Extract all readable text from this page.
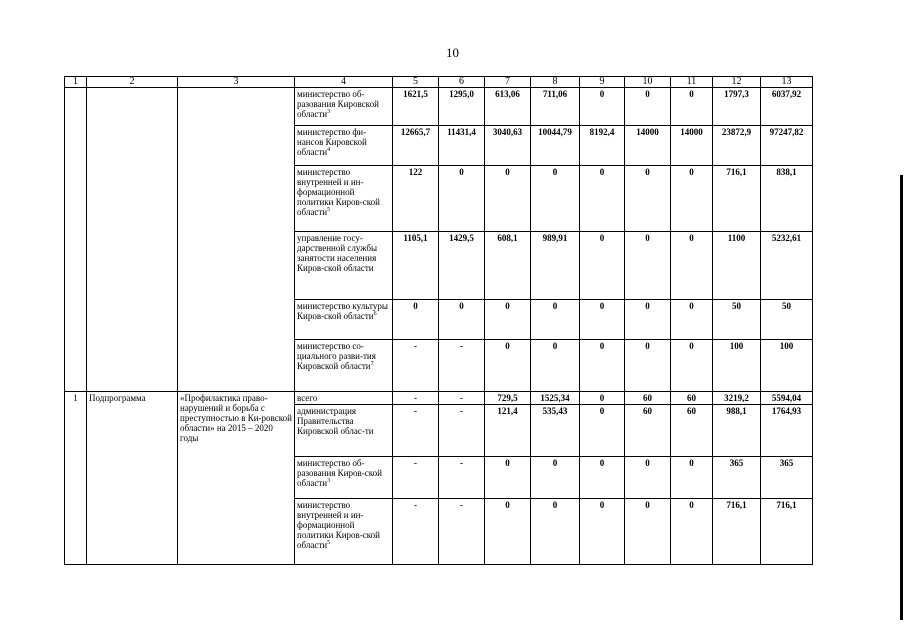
10
1	2	3	4	5	6	7	8	9	10	11	12	13
			министерство об-разования Кировской области$^3$	1621,5	1295,0	613,06	711,06	0	0	0	1797,3	6037,92
			министерство фи-нансов Кировской области$^4$	12665,7	11431,4	3040,63	10044,79	8192,4	14000	14000	23872,9	97247,82
			министерство внутренней и ин-формационной политики Киров-ской области$^5$	122	0	0	0	0	0	0	716,1	838,1
			управление госу-дарственной службы занятости населения Киров-ской области	1105,1	1429,5	608,1	989,91	0	0	0	1100	5232,61
			министерство культуры Киров-ской области$^6$	0	0	0	0	0	0	0	50	50
			министерство со-циального разви-тия Кировской области$^7$	-	-	0	0	0	0	0	100	100
1	Подпрограмма	«Профилактика право-нарушений и борьба с преступностью в Ки-ровской области» на 2015 – 2020 годы	всего	-	-	729,5	1525,34	0	60	60	3219,2	5594,04
			администрация Правительства Кировской облас-ти	-	-	121,4	535,43	0	60	60	988,1	1764,93
			министерство об-разования Киров-ской области$^3$	-	-	0	0	0	0	0	365	365
			министерство внутренней и ин-формационной политики Киров-ской области$^5$	-	-	0	0	0	0	0	716,1	716,1
